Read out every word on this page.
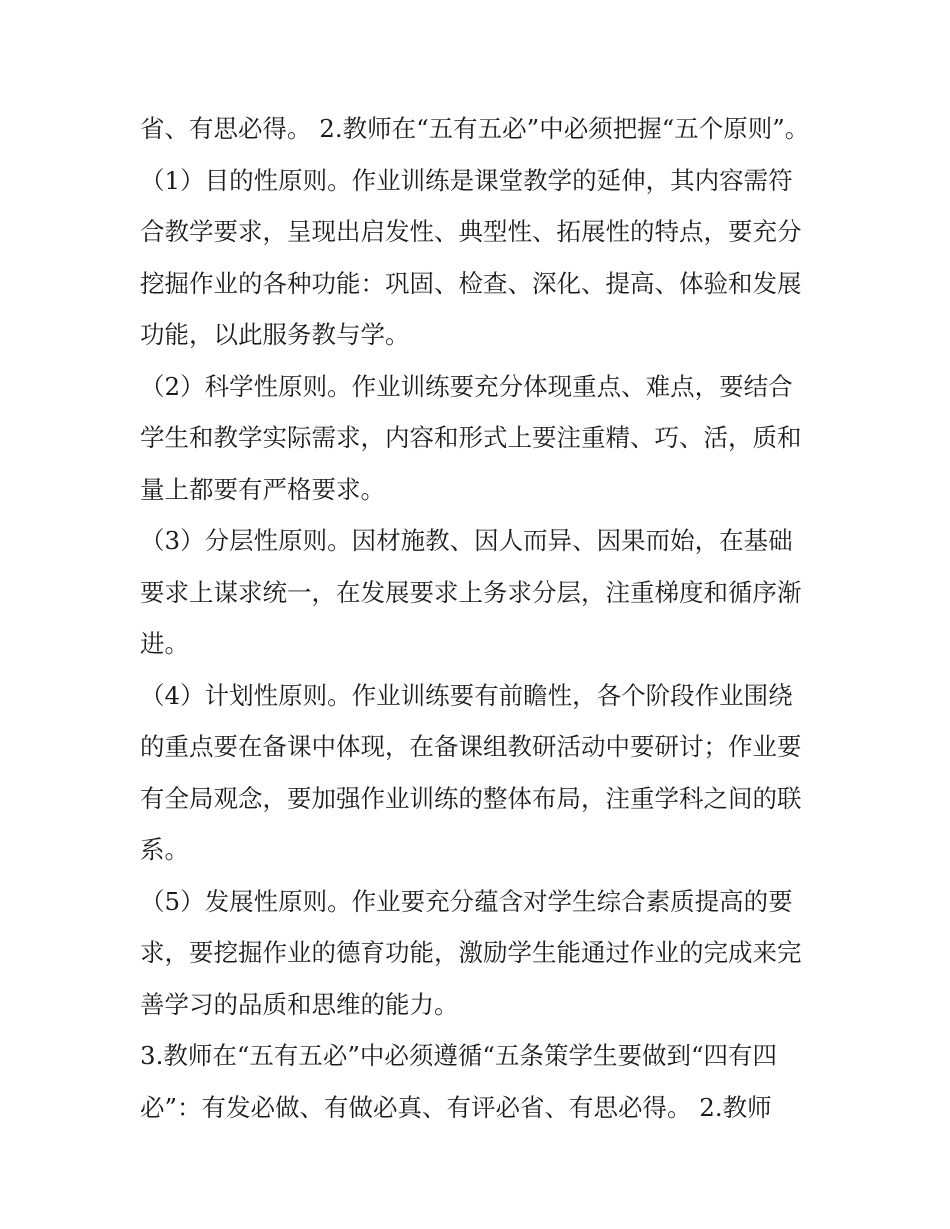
省、有思必得。 2.教师在“五有五必”中必须把握“五个原则”。
（1）目的性原则。作业训练是课堂教学的延伸，其内容需符
合教学要求，呈现出启发性、典型性、拓展性的特点，要充分
挖掘作业的各种功能：巩固、检查、深化、提高、体验和发展
功能，以此服务教与学。
（2）科学性原则。作业训练要充分体现重点、难点，要结合
学生和教学实际需求，内容和形式上要注重精、巧、活，质和
量上都要有严格要求。
（3）分层性原则。因材施教、因人而异、因果而始，在基础
要求上谋求统一，在发展要求上务求分层，注重梯度和循序渐
进。
（4）计划性原则。作业训练要有前瞻性，各个阶段作业围绕
的重点要在备课中体现，在备课组教研活动中要研讨；作业要
有全局观念，要加强作业训练的整体布局，注重学科之间的联
系。
（5）发展性原则。作业要充分蕴含对学生综合素质提高的要
求，要挖掘作业的德育功能，激励学生能通过作业的完成来完
善学习的品质和思维的能力。
3.教师在“五有五必”中必须遵循“五条策学生要做到“四有四
必”：有发必做、有做必真、有评必省、有思必得。 2.教师
